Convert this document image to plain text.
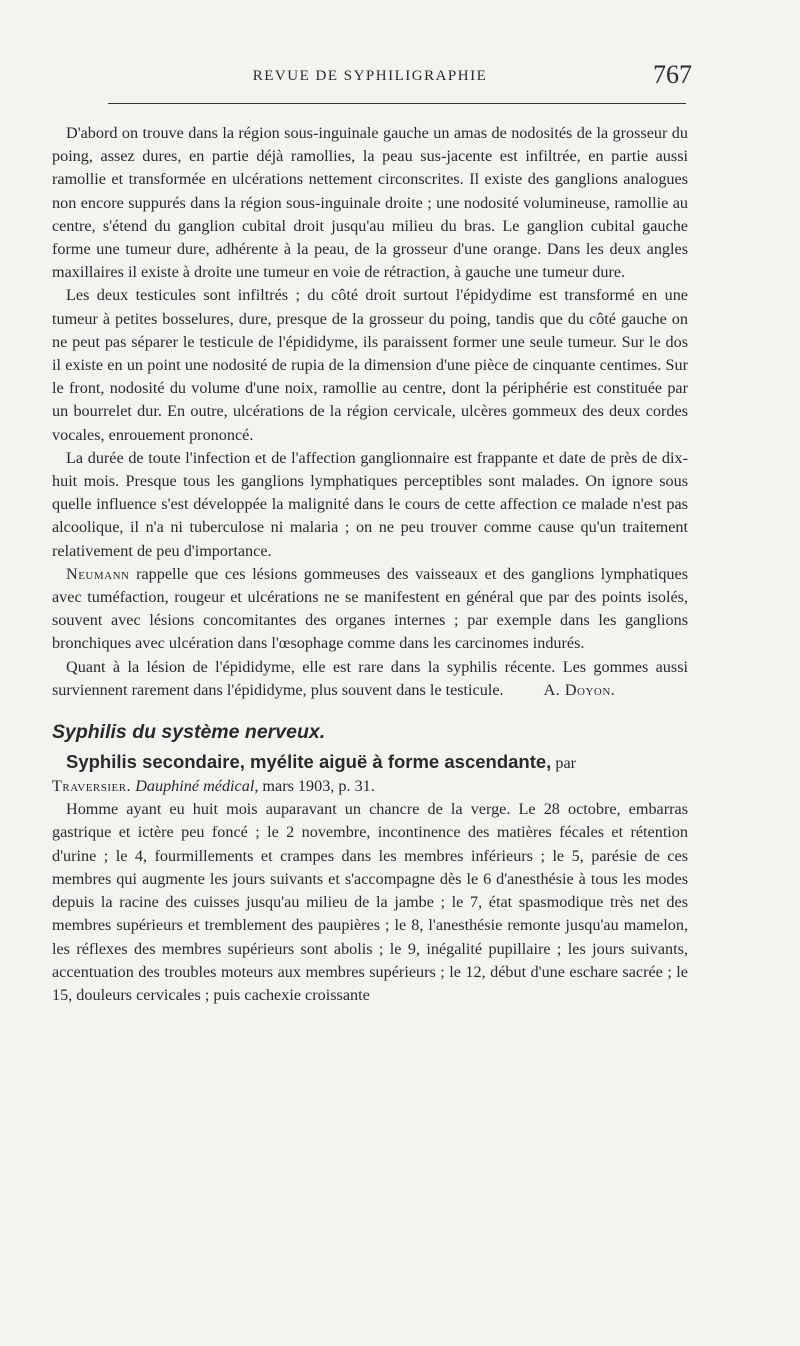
REVUE DE SYPHILIGRAPHIE	767

D'abord on trouve dans la région sous-inguinale gauche un amas de nodosités de la grosseur du poing, assez dures, en partie déjà ramollies, la peau sus-jacente est infiltrée, en partie aussi ramollie et transformée en ulcérations nettement circonscrites. Il existe des ganglions analogues non encore suppurés dans la région sous-inguinale droite ; une nodosité volumineuse, ramollie au centre, s'étend du ganglion cubital droit jusqu'au milieu du bras. Le ganglion cubital gauche forme une tumeur dure, adhérente à la peau, de la grosseur d'une orange. Dans les deux angles maxillaires il existe à droite une tumeur en voie de rétraction, à gauche une tumeur dure.

Les deux testicules sont infiltrés ; du côté droit surtout l'épidydime est transformé en une tumeur à petites bosselures, dure, presque de la grosseur du poing, tandis que du côté gauche on ne peut pas séparer le testicule de l'épididyme, ils paraissent former une seule tumeur. Sur le dos il existe en un point une nodosité de rupia de la dimension d'une pièce de cinquante centimes. Sur le front, nodosité du volume d'une noix, ramollie au centre, dont la périphérie est constituée par un bourrelet dur. En outre, ulcérations de la région cervicale, ulcères gommeux des deux cordes vocales, enrouement prononcé.

La durée de toute l'infection et de l'affection ganglionnaire est frappante et date de près de dix-huit mois. Presque tous les ganglions lymphatiques perceptibles sont malades. On ignore sous quelle influence s'est développée la malignité dans le cours de cette affection ce malade n'est pas alcoolique, il n'a ni tuberculose ni malaria ; on ne peu trouver comme cause qu'un traitement relativement de peu d'importance.

Neumann rappelle que ces lésions gommeuses des vaisseaux et des ganglions lymphatiques avec tuméfaction, rougeur et ulcérations ne se manifestent en général que par des points isolés, souvent avec lésions concomitantes des organes internes ; par exemple dans les ganglions bronchiques avec ulcération dans l'œsophage comme dans les carcinomes indurés.

Quant à la lésion de l'épididyme, elle est rare dans la syphilis récente. Les gommes aussi surviennent rarement dans l'épididyme, plus souvent dans le testicule. A. Doyon.

Syphilis du système nerveux.
Syphilis secondaire, myélite aiguë à forme ascendante, par

Traversier. Dauphiné médical, mars 1903, p. 31.

Homme ayant eu huit mois auparavant un chancre de la verge. Le 28 octobre, embarras gastrique et ictère peu foncé ; le 2 novembre, incontinence des matières fécales et rétention d'urine ; le 4, fourmillements et crampes dans les membres inférieurs ; le 5, parésie de ces membres qui augmente les jours suivants et s'accompagne dès le 6 d'anesthésie à tous les modes depuis la racine des cuisses jusqu'au milieu de la jambe ; le 7, état spasmodique très net des membres supérieurs et tremblement des paupières ; le 8, l'anesthésie remonte jusqu'au mamelon, les réflexes des membres supérieurs sont abolis ; le 9, inégalité pupillaire ; les jours suivants, accentuation des troubles moteurs aux membres supérieurs ; le 12, début d'une eschare sacrée ; le 15, douleurs cervicales ; puis cachexie croissante
